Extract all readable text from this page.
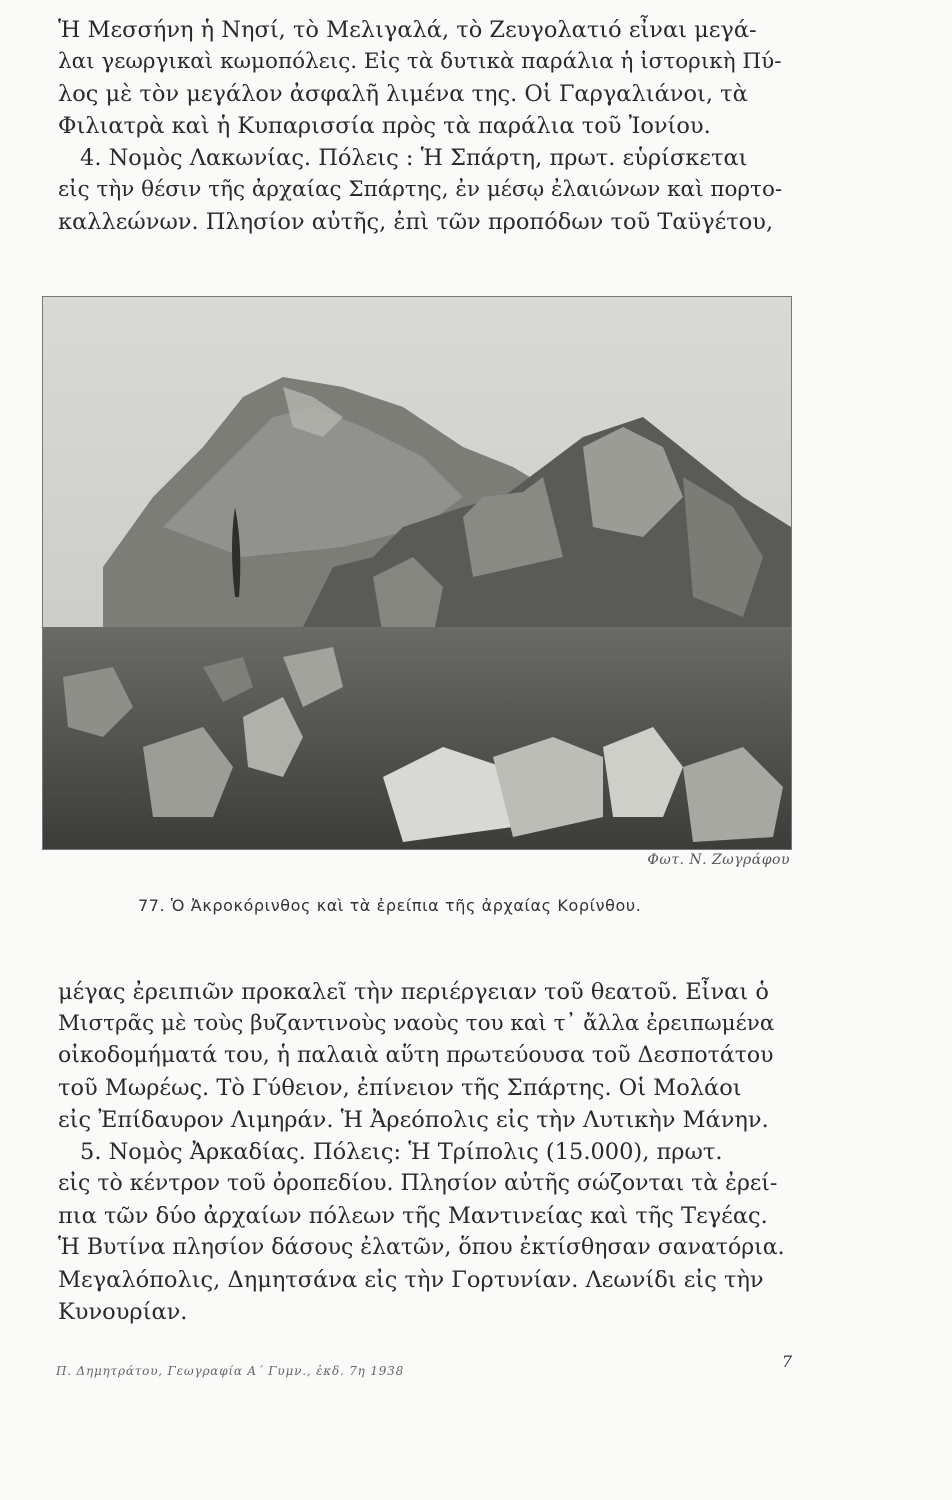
Ἡ Μεσσήνη ἡ Νησί, τὸ Μελιγαλά, τὸ Ζευγολατιό εἶναι μεγά-
λαι γεωργικαὶ κωμοπόλεις. Εἰς τὰ δυτικὰ παράλια ἡ ἱστορικὴ Πύ-
λος μὲ τὸν μεγάλον ἀσφαλῆ λιμένα της. Οἱ Γαργαλιάνοι, τὰ
Φιλιατρὰ καὶ ἡ Κυπαρισσία πρὸς τὰ παράλια τοῦ Ἰονίου.
4. Νομὸς Λακωνίας. Πόλεις : Ἡ Σπάρτη, πρωτ. εὑρίσκεται
εἰς τὴν θέσιν τῆς ἀρχαίας Σπάρτης, ἐν μέσῳ ἐλαιώνων καὶ πορτο-
καλλεώνων. Πλησίον αὐτῆς, ἐπὶ τῶν προπόδων τοῦ Ταϋγέτου,

Φωτ. Ν. Ζωγράφου
77. Ὁ Ἀκροκόρινθος καὶ τὰ ἐρείπια τῆς ἀρχαίας Κορίνθου.

μέγας ἐρειπιῶν προκαλεῖ τὴν περιέργειαν τοῦ θεατοῦ. Εἶναι ὁ
Μιστρᾶς μὲ τοὺς βυζαντινοὺς ναοὺς του καὶ τ᾿ ἄλλα ἐρειπωμένα
οἰκοδομήματά του, ἡ παλαιὰ αὕτη πρωτεύουσα τοῦ Δεσποτάτου
τοῦ Μωρέως. Τὸ Γύθειον, ἐπίνειον τῆς Σπάρτης. Οἱ Μολάοι
εἰς Ἐπίδαυρον Λιμηράν. Ἡ Ἀρεόπολις εἰς τὴν Λυτικὴν Μάνην.
5. Νομὸς Ἀρκαδίας. Πόλεις: Ἡ Τρίπολις (15.000), πρωτ.
εἰς τὸ κέντρον τοῦ ὀροπεδίου. Πλησίον αὐτῆς σώζονται τὰ ἐρεί-
πια τῶν δύο ἀρχαίων πόλεων τῆς Μαντινείας καὶ τῆς Τεγέας.
Ἡ Βυτίνα πλησίον δάσους ἐλατῶν, ὅπου ἐκτίσθησαν σανατόρια.
Μεγαλόπολις, Δημητσάνα εἰς τὴν Γορτυνίαν. Λεωνίδι εἰς τὴν
Κυνουρίαν.

Π. Δημητράτου, Γεωγραφία Α΄ Γυμν., ἐκδ. 7η 1938	7
